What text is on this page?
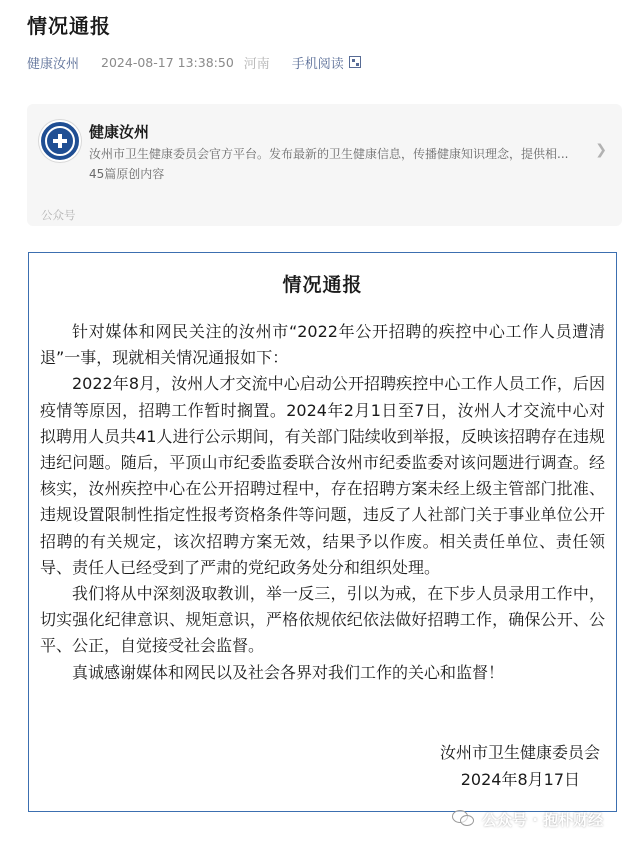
情况通报
健康汝州 2024-08-17 13:38:50 河南 手机阅读
健康汝州
汝州市卫生健康委员会官方平台。发布最新的卫生健康信息，传播健康知识理念，提供相...
45篇原创内容
❯
公众号
情况通报

针对媒体和网民关注的汝州市“2022年公开招聘的疾控中心工作人员遭清退”一事，现就相关情况通报如下：

2022年8月，汝州人才交流中心启动公开招聘疾控中心工作人员工作，后因疫情等原因，招聘工作暂时搁置。2024年2月1日至7日，汝州人才交流中心对拟聘用人员共41人进行公示期间，有关部门陆续收到举报，反映该招聘存在违规违纪问题。随后，平顶山市纪委监委联合汝州市纪委监委对该问题进行调查。经核实，汝州疾控中心在公开招聘过程中，存在招聘方案未经上级主管部门批准、违规设置限制性指定性报考资格条件等问题，违反了人社部门关于事业单位公开招聘的有关规定，该次招聘方案无效，结果予以作废。相关责任单位、责任领导、责任人已经受到了严肃的党纪政务处分和组织处理。

我们将从中深刻汲取教训，举一反三，引以为戒，在下步人员录用工作中，切实强化纪律意识、规矩意识，严格依规依纪依法做好招聘工作，确保公开、公平、公正，自觉接受社会监督。

真诚感谢媒体和网民以及社会各界对我们工作的关心和监督！

汝州市卫生健康委员会
2024年8月17日
公众号 · 抱朴财经
